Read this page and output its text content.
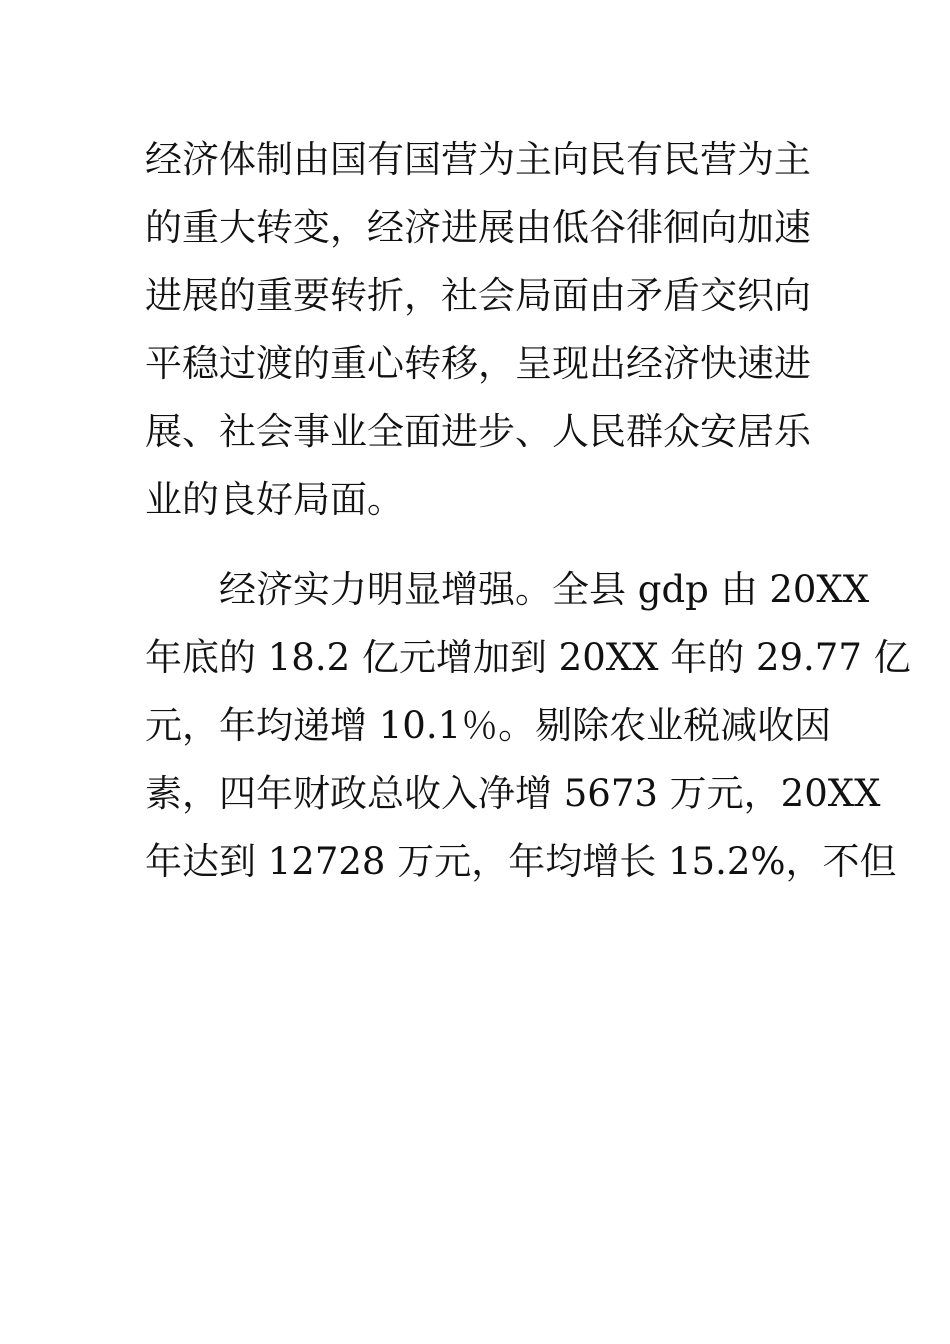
经济体制由国有国营为主向民有民营为主
的重大转变，经济进展由低谷徘徊向加速
进展的重要转折，社会局面由矛盾交织向
平稳过渡的重心转移，呈现出经济快速进
展、社会事业全面进步、人民群众安居乐
业的良好局面。
经济实力明显增强。全县 gdp 由 20XX
年底的 18.2 亿元增加到 20XX 年的 29.77 亿
元，年均递增 10.1％。剔除农业税减收因
素，四年财政总收入净增 5673 万元，20XX
年达到 12728 万元，年均增长 15.2%，不但
